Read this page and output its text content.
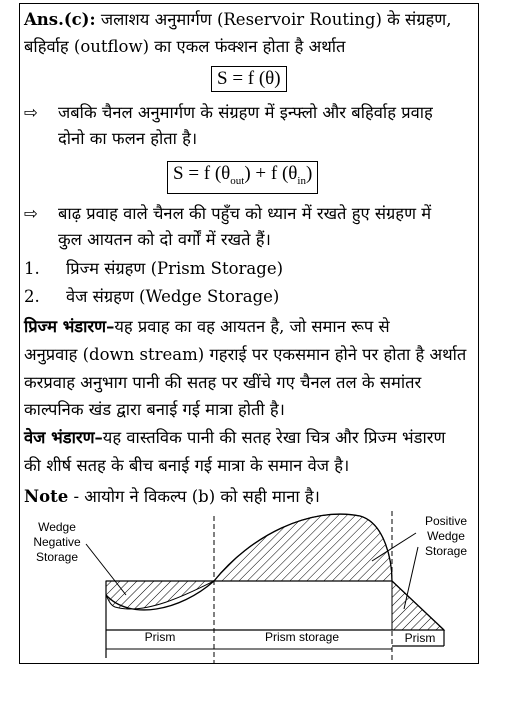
Ans.(c): जलाशय अनुमार्गण (Reservoir Routing) के संग्रहण,
बहिर्वाह (outflow) का एकल फंक्शन होता है अर्थात
S = f (θ)
⇨ जबकि चैनल अनुमार्गण के संग्रहण में इन्फ्लो और बहिर्वाह प्रवाह
दोनो का फलन होता है।
S = f $(\theta_{out}) + f$ $(\theta_{in})$
⇨ बाढ़ प्रवाह वाले चैनल की पहुँच को ध्यान में रखते हुए संग्रहण में
कुल आयतन को दो वर्गों में रखते हैं।
1. प्रिज्म संग्रहण (Prism Storage)
2. वेज संग्रहण (Wedge Storage)
प्रिज्म भंडारण–यह प्रवाह का वह आयतन है, जो समान रूप से
अनुप्रवाह (down stream) गहराई पर एकसमान होने पर होता है अर्थात
करप्रवाह अनुभाग पानी की सतह पर खींचे गए चैनल तल के समांतर
काल्पनिक खंड द्वारा बनाई गई मात्रा होती है।
वेज भंडारण–यह वास्तविक पानी की सतह रेखा चित्र और प्रिज्म भंडारण
की शीर्ष सतह के बीच बनाई गई मात्रा के समान वेज है।
Note - आयोग ने विकल्प (b) को सही माना है।
Prism	Prism storage	Prism
Wedge
Negative
Storage
Positive
Wedge
Storage
